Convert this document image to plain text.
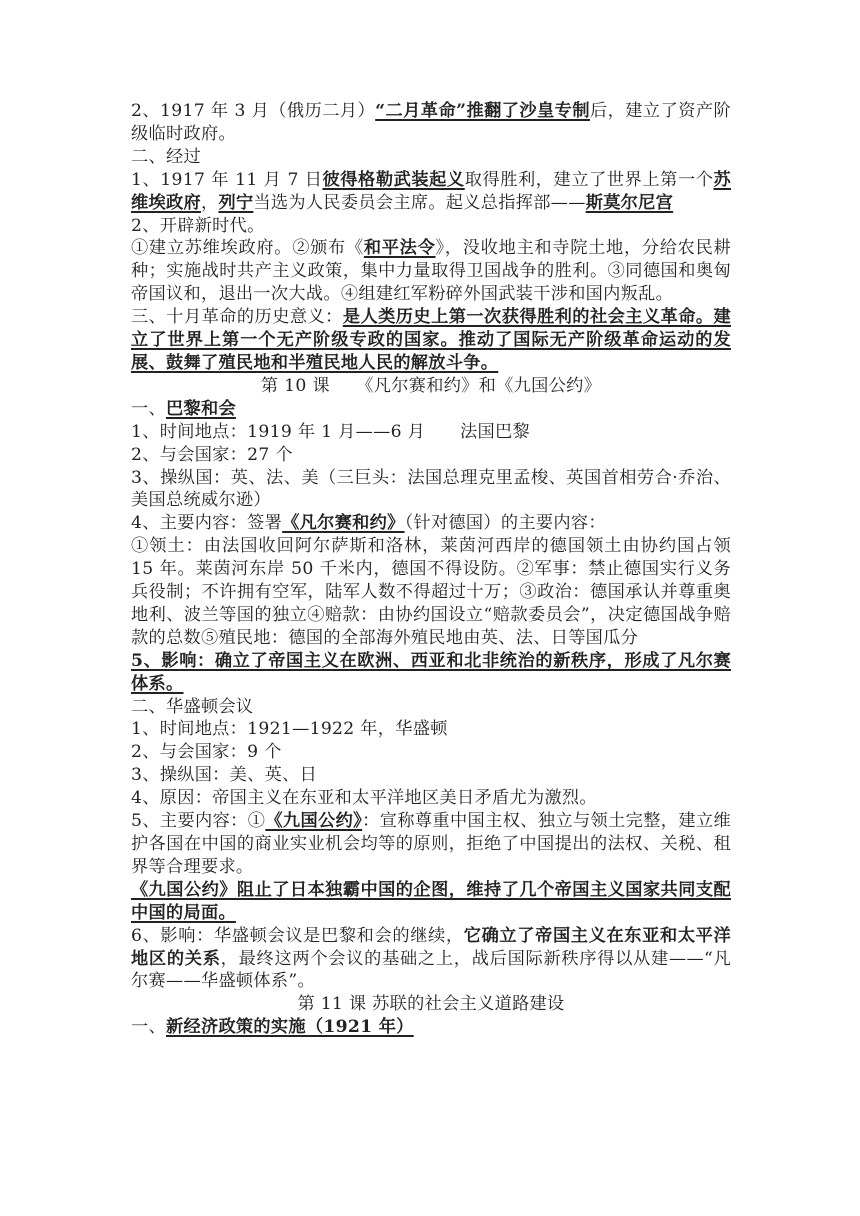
2、1917 年 3 月（俄历二月）“二月革命”推翻了沙皇专制后，建立了资产阶级临时政府。

二、经过

1、1917 年 11 月 7 日彼得格勒武装起义取得胜利，建立了世界上第一个苏维埃政府，列宁当选为人民委员会主席。起义总指挥部——斯莫尔尼宫

2、开辟新时代。

①建立苏维埃政府。②颁布《和平法令》，没收地主和寺院土地，分给农民耕种；实施战时共产主义政策，集中力量取得卫国战争的胜利。③同德国和奥匈帝国议和，退出一次大战。④组建红军粉碎外国武装干涉和国内叛乱。

三、十月革命的历史意义：是人类历史上第一次获得胜利的社会主义革命。建立了世界上第一个无产阶级专政的国家。推动了国际无产阶级革命运动的发展、鼓舞了殖民地和半殖民地人民的解放斗争。

第 10 课　　《凡尔赛和约》和《九国公约》

一、巴黎和会

1、时间地点：1919 年 1 月——6 月　　法国巴黎

2、与会国家：27 个

3、操纵国：英、法、美（三巨头：法国总理克里孟梭、英国首相劳合·乔治、美国总统威尔逊）

4、主要内容：签署《凡尔赛和约》（针对德国）的主要内容：

①领土：由法国收回阿尔萨斯和洛林，莱茵河西岸的德国领土由协约国占领 15 年。莱茵河东岸 50 千米内，德国不得设防。②军事：禁止德国实行义务兵役制；不许拥有空军，陆军人数不得超过十万；③政治：德国承认并尊重奥地利、波兰等国的独立④赔款：由协约国设立“赔款委员会”，决定德国战争赔款的总数⑤殖民地：德国的全部海外殖民地由英、法、日等国瓜分

5、影响：确立了帝国主义在欧洲、西亚和北非统治的新秩序，形成了凡尔赛体系。

二、华盛顿会议

1、时间地点：1921—1922 年，华盛顿

2、与会国家：9 个

3、操纵国：美、英、日

4、原因：帝国主义在东亚和太平洋地区美日矛盾尤为激烈。

5、主要内容：①《九国公约》：宣称尊重中国主权、独立与领土完整，建立维护各国在中国的商业实业机会均等的原则，拒绝了中国提出的法权、关税、租界等合理要求。

《九国公约》阻止了日本独霸中国的企图，维持了几个帝国主义国家共同支配中国的局面。

6、影响：华盛顿会议是巴黎和会的继续，它确立了帝国主义在东亚和太平洋地区的关系，最终这两个会议的基础之上，战后国际新秩序得以从建——“凡尔赛——华盛顿体系”。

第 11 课 苏联的社会主义道路建设

一、新经济政策的实施（1921 年）
